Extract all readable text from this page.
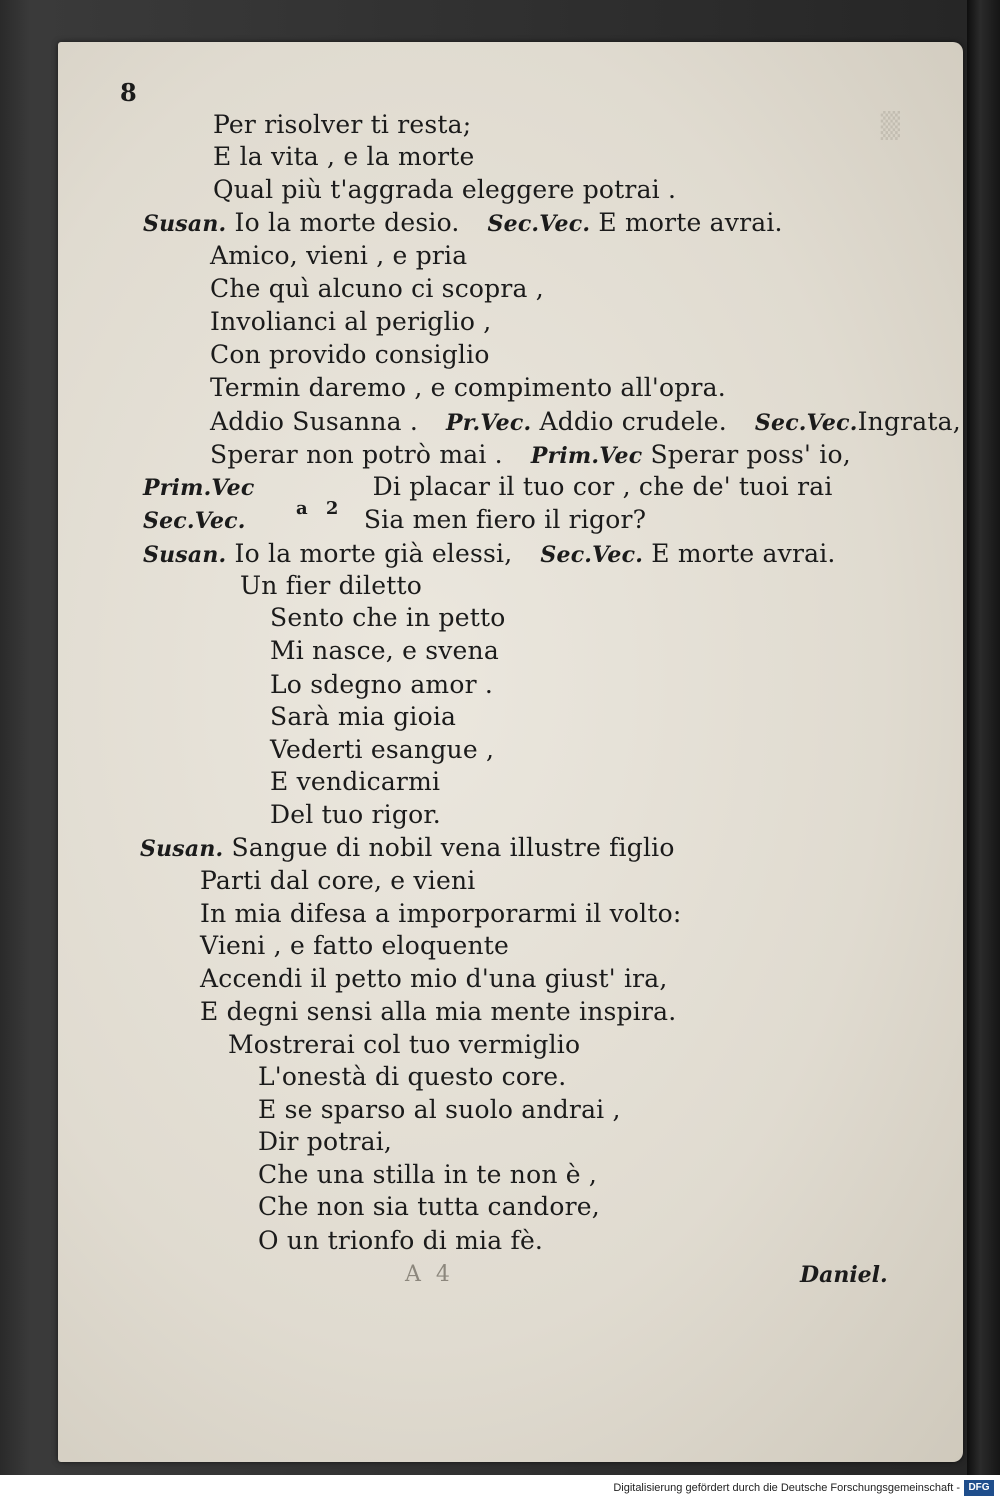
8
Per risolver ti resta;
E la vita , e la morte
Qual più t'aggrada eleggere potrai .
Susan. Io la morte desio. Sec.Vec. E morte avrai.
Amico, vieni , e pria
Che quì alcuno ci scopra ,
Involianci al periglio ,
Con provido consiglio
Termin daremo , e compimento all'opra.
Addio Susanna . Pr.Vec. Addio crudele. Sec.Vec.Ingrata,
Sperar non potrò mai . Prim.Vec Sperar poss' io,
Prim.Vec	Di placar il tuo cor , che de' tuoi rai
Sec.Vec.	Sia men fiero il rigor?
Susan. Io la morte già elessi, Sec.Vec. E morte avrai.
Un fier diletto
Sento che in petto
Mi nasce, e svena
Lo sdegno amor .
Sarà mia gioia
Vederti esangue ,
E vendicarmi
Del tuo rigor.
Susan. Sangue di nobil vena illustre figlio
Parti dal core, e vieni
In mia difesa a imporporarmi il volto:
Vieni , e fatto eloquente
Accendi il petto mio d'una giust' ira,
E degni sensi alla mia mente inspira.
Mostrerai col tuo vermiglio
L'onestà di questo core.
E se sparso al suolo andrai ,
Dir potrai,
Che una stilla in te non è ,
Che non sia tutta candore,
O un trionfo di mia fè.
a 2
A 4	Daniel.
Digitalisierung gefördert durch die Deutsche Forschungsgemeinschaft - DFG
